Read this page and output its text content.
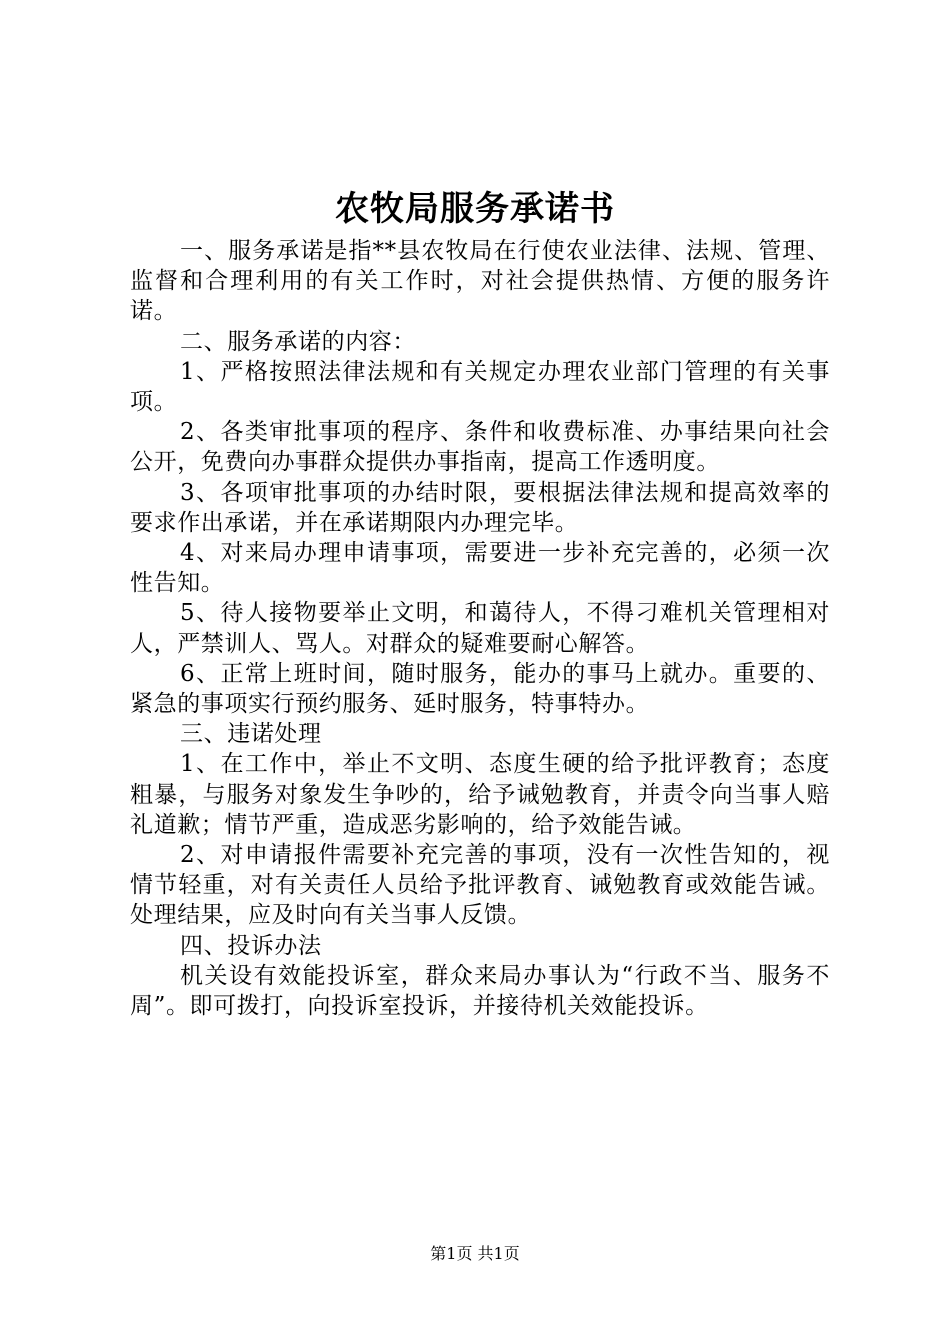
农牧局服务承诺书

一、服务承诺是指**县农牧局在行使农业法律、法规、管理、监督和合理利用的有关工作时，对社会提供热情、方便的服务许诺。

二、服务承诺的内容：

1、严格按照法律法规和有关规定办理农业部门管理的有关事项。

2、各类审批事项的程序、条件和收费标准、办事结果向社会公开，免费向办事群众提供办事指南，提高工作透明度。

3、各项审批事项的办结时限，要根据法律法规和提高效率的要求作出承诺，并在承诺期限内办理完毕。

4、对来局办理申请事项，需要进一步补充完善的，必须一次性告知。

5、待人接物要举止文明，和蔼待人，不得刁难机关管理相对人，严禁训人、骂人。对群众的疑难要耐心解答。

6、正常上班时间，随时服务，能办的事马上就办。重要的、紧急的事项实行预约服务、延时服务，特事特办。

三、违诺处理

1、在工作中，举止不文明、态度生硬的给予批评教育；态度粗暴，与服务对象发生争吵的，给予诫勉教育，并责令向当事人赔礼道歉；情节严重，造成恶劣影响的，给予效能告诫。

2、对申请报件需要补充完善的事项，没有一次性告知的，视情节轻重，对有关责任人员给予批评教育、诫勉教育或效能告诫。处理结果，应及时向有关当事人反馈。

四、投诉办法

机关设有效能投诉室，群众来局办事认为“行政不当、服务不周”。即可拨打，向投诉室投诉，并接待机关效能投诉。

第1页 共1页
